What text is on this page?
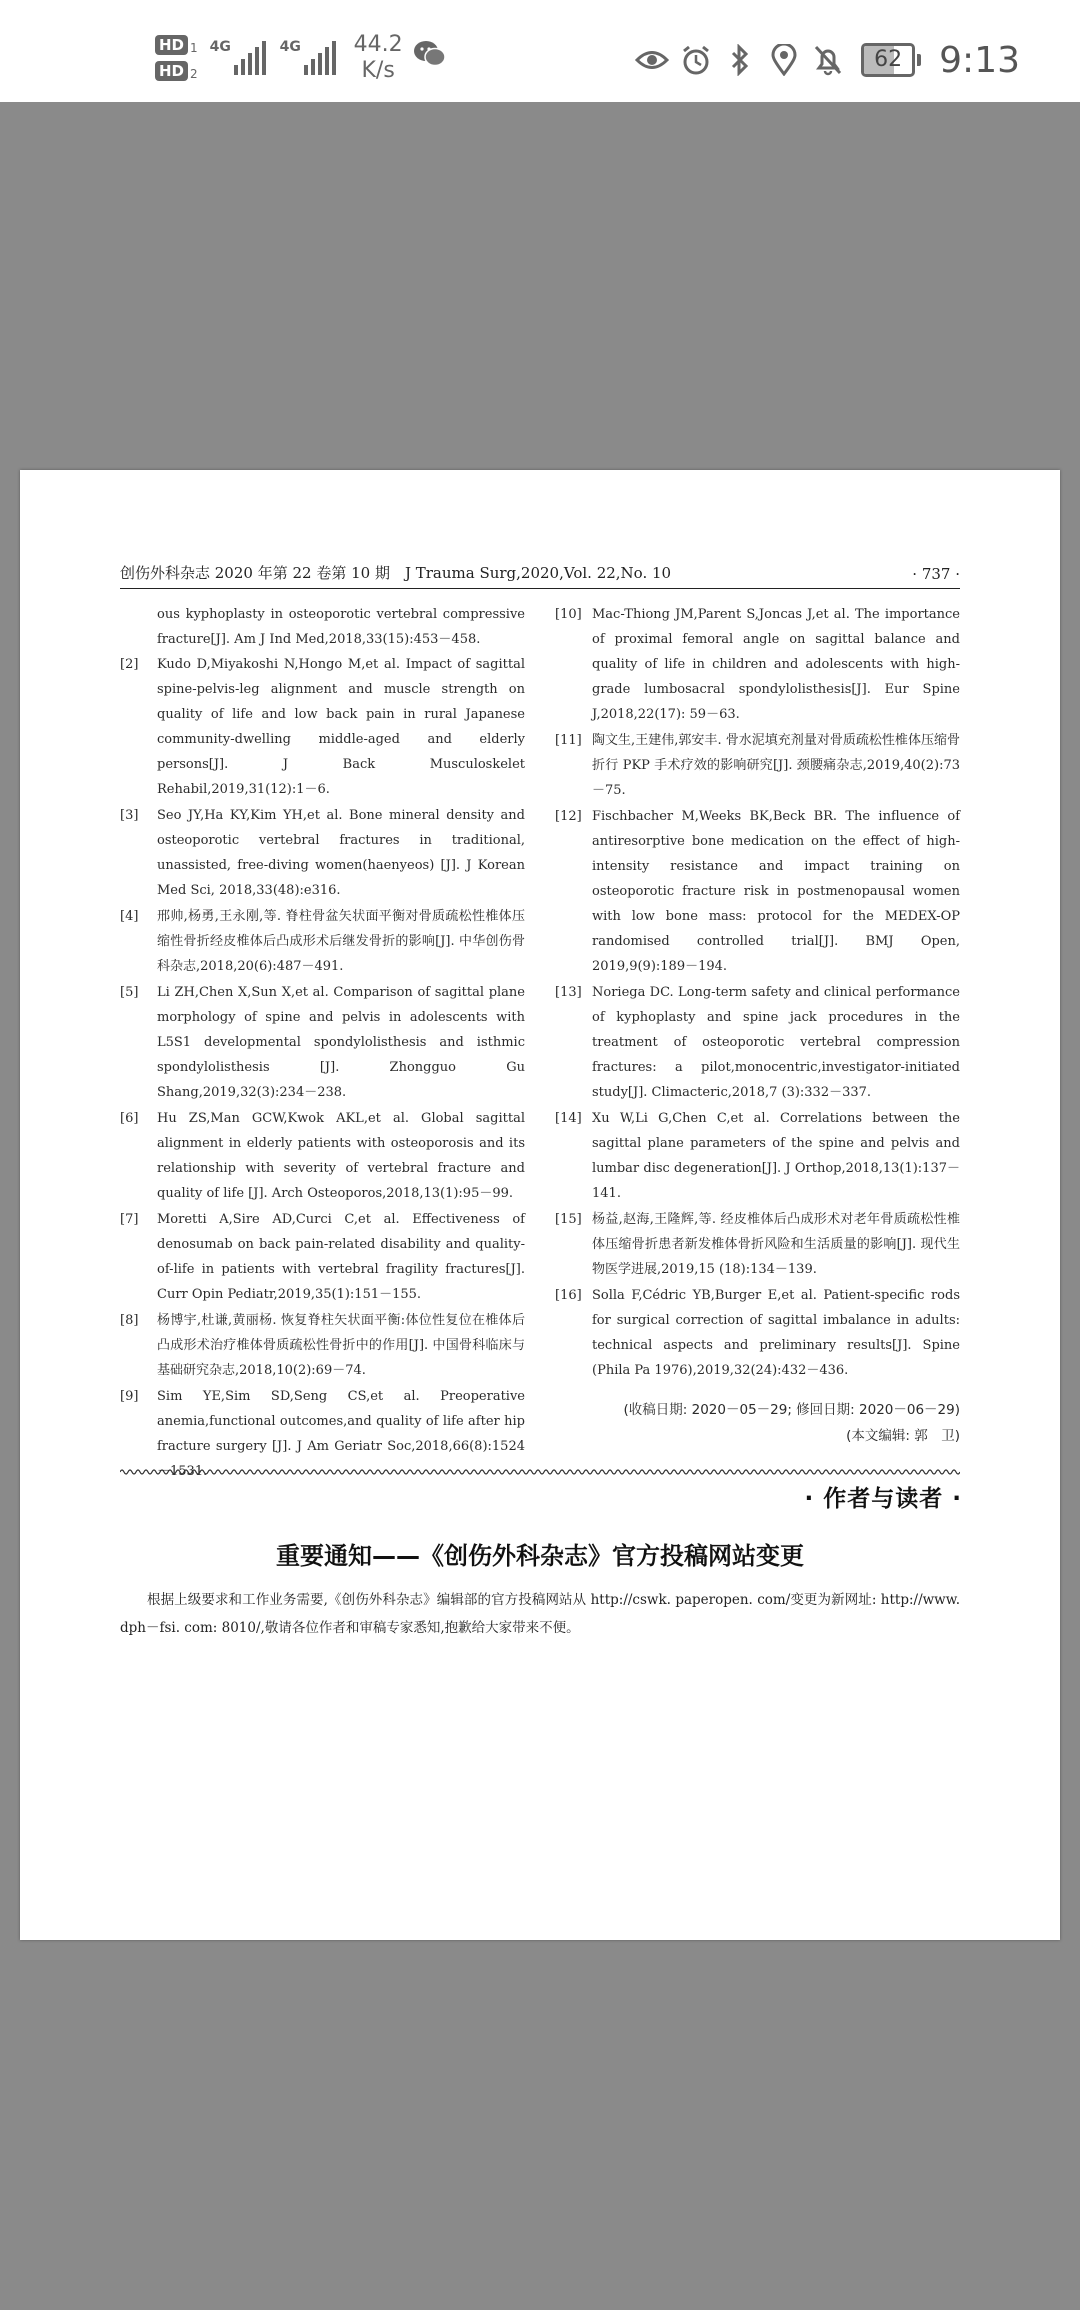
HD 1
HD 2
4G	4G 44.2
K/s	62 9:13
创伤外科杂志 2020 年第 22 卷第 10 期　J Trauma Surg,2020,Vol. 22,No. 10	· 737 ·
ous kyphoplasty in osteoporotic vertebral compressive fracture[J]. Am J Ind Med,2018,33(15):453－458.
[2]	Kudo D,Miyakoshi N,Hongo M,et al. Impact of sagittal spine-pelvis-leg alignment and muscle strength on quality of life and low back pain in rural Japanese community-dwelling middle-aged and elderly persons[J]. J Back Musculoskelet Rehabil,2019,31(12):1－6.
[3]	Seo JY,Ha KY,Kim YH,et al. Bone mineral density and osteoporotic vertebral fractures in traditional, unassisted, free-diving women(haenyeos) [J]. J Korean Med Sci, 2018,33(48):e316.
[4]	邢帅,杨勇,王永刚,等. 脊柱骨盆矢状面平衡对骨质疏松性椎体压缩性骨折经皮椎体后凸成形术后继发骨折的影响[J]. 中华创伤骨科杂志,2018,20(6):487－491.
[5]	Li ZH,Chen X,Sun X,et al. Comparison of sagittal plane morphology of spine and pelvis in adolescents with L5S1 developmental spondylolisthesis and isthmic spondylolisthesis [J]. Zhongguo Gu Shang,2019,32(3):234－238.
[6]	Hu ZS,Man GCW,Kwok AKL,et al. Global sagittal alignment in elderly patients with osteoporosis and its relationship with severity of vertebral fracture and quality of life [J]. Arch Osteoporos,2018,13(1):95－99.
[7]	Moretti A,Sire AD,Curci C,et al. Effectiveness of denosumab on back pain-related disability and quality-of-life in patients with vertebral fragility fractures[J]. Curr Opin Pediatr,2019,35(1):151－155.
[8]	杨博宇,杜谦,黄丽杨. 恢复脊柱矢状面平衡:体位性复位在椎体后凸成形术治疗椎体骨质疏松性骨折中的作用[J]. 中国骨科临床与基础研究杂志,2018,10(2):69－74.
[9]	Sim YE,Sim SD,Seng CS,et al. Preoperative anemia,functional outcomes,and quality of life after hip fracture surgery [J]. J Am Geriatr Soc,2018,66(8):1524－1531.
[10] Mac-Thiong JM,Parent S,Joncas J,et al. The importance of proximal femoral angle on sagittal balance and quality of life in children and adolescents with high-grade lumbosacral spondylolisthesis[J]. Eur Spine J,2018,22(17): 59－63.
[11] 陶文生,王建伟,郭安丰. 骨水泥填充剂量对骨质疏松性椎体压缩骨折行 PKP 手术疗效的影响研究[J]. 颈腰痛杂志,2019,40(2):73－75.
[12] Fischbacher M,Weeks BK,Beck BR. The influence of antiresorptive bone medication on the effect of high-intensity resistance and impact training on osteoporotic fracture risk in postmenopausal women with low bone mass: protocol for the MEDEX-OP randomised controlled trial[J]. BMJ Open, 2019,9(9):189－194.
[13] Noriega DC. Long-term safety and clinical performance of kyphoplasty and spine jack procedures in the treatment of osteoporotic vertebral compression fractures: a pilot,monocentric,investigator-initiated study[J]. Climacteric,2018,7 (3):332－337.
[14] Xu W,Li G,Chen C,et al. Correlations between the sagittal plane parameters of the spine and pelvis and lumbar disc degeneration[J]. J Orthop,2018,13(1):137－141.
[15] 杨益,赵海,王隆辉,等. 经皮椎体后凸成形术对老年骨质疏松性椎体压缩骨折患者新发椎体骨折风险和生活质量的影响[J]. 现代生物医学进展,2019,15 (18):134－139.
[16] Solla F,Cédric YB,Burger E,et al. Patient-specific rods for surgical correction of sagittal imbalance in adults: technical aspects and preliminary results[J]. Spine (Phila Pa 1976),2019,32(24):432－436.
(收稿日期: 2020－05－29; 修回日期: 2020－06－29)
(本文编辑: 郭　卫)
· 作者与读者 ·
重要通知——《创伤外科杂志》官方投稿网站变更
根据上级要求和工作业务需要,《创伤外科杂志》编辑部的官方投稿网站从 http://cswk. paperopen. com/变更为新网址: http://www. dph－fsi. com: 8010/,敬请各位作者和审稿专家悉知,抱歉给大家带来不便。
